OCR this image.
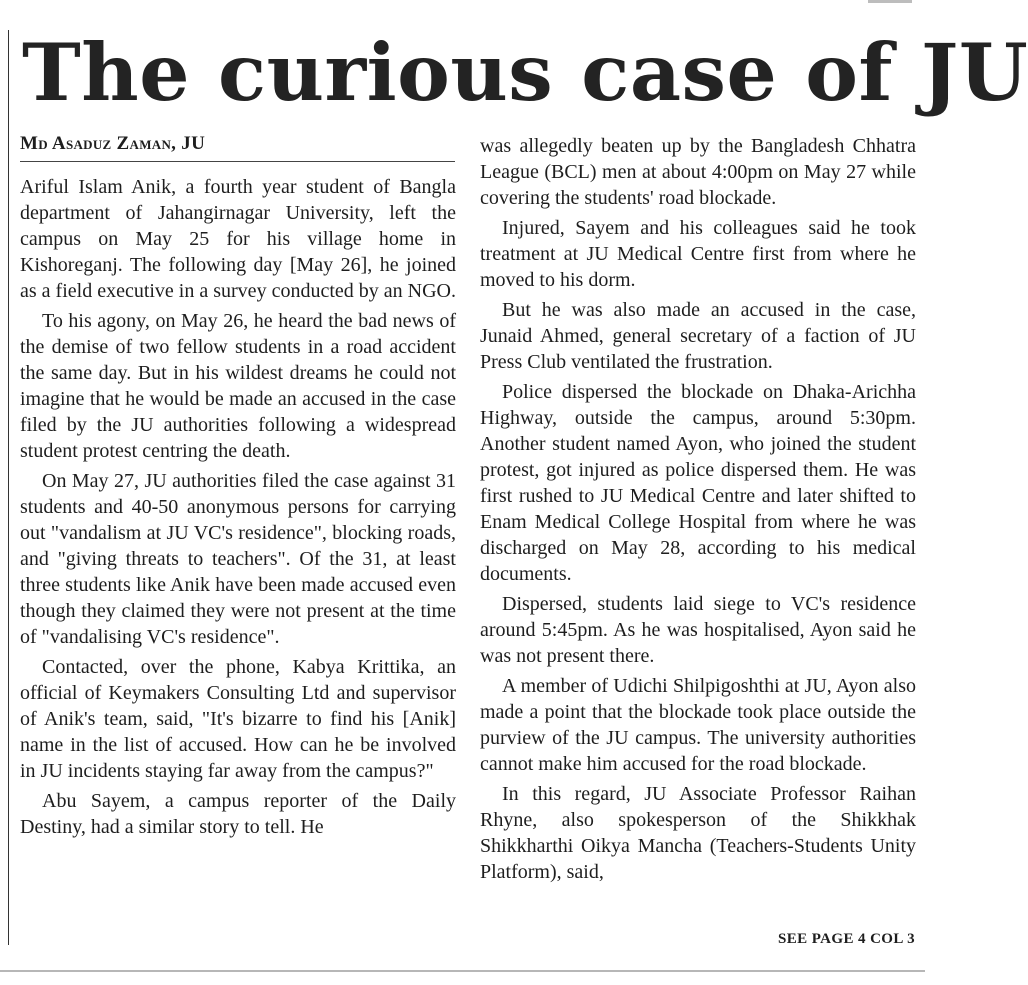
The curious case of JU
Md Asaduz Zaman, JU

Ariful Islam Anik, a fourth year student of Bangla department of Jahangirnagar University, left the campus on May 25 for his village home in Kishoreganj. The following day [May 26], he joined as a field executive in a survey conducted by an NGO.

To his agony, on May 26, he heard the bad news of the demise of two fellow students in a road accident the same day. But in his wildest dreams he could not imagine that he would be made an accused in the case filed by the JU authorities following a widespread student protest centring the death.

On May 27, JU authorities filed the case against 31 students and 40-50 anonymous persons for carrying out "vandalism at JU VC's residence", blocking roads, and "giving threats to teachers". Of the 31, at least three students like Anik have been made accused even though they claimed they were not present at the time of "vandalising VC's residence".

Contacted, over the phone, Kabya Krittika, an official of Keymakers Consulting Ltd and supervisor of Anik's team, said, "It's bizarre to find his [Anik] name in the list of accused. How can he be involved in JU incidents staying far away from the campus?"

Abu Sayem, a campus reporter of the Daily Destiny, had a similar story to tell. He

was allegedly beaten up by the Bangladesh Chhatra League (BCL) men at about 4:00pm on May 27 while covering the students' road blockade.

Injured, Sayem and his colleagues said he took treatment at JU Medical Centre first from where he moved to his dorm.

But he was also made an accused in the case, Junaid Ahmed, general secretary of a faction of JU Press Club ventilated the frustration.

Police dispersed the blockade on Dhaka-Arichha Highway, outside the campus, around 5:30pm. Another student named Ayon, who joined the student protest, got injured as police dispersed them. He was first rushed to JU Medical Centre and later shifted to Enam Medical College Hospital from where he was discharged on May 28, according to his medical documents.

Dispersed, students laid siege to VC's residence around 5:45pm. As he was hospitalised, Ayon said he was not present there.

A member of Udichi Shilpigoshthi at JU, Ayon also made a point that the blockade took place outside the purview of the JU campus. The university authorities cannot make him accused for the road blockade.

In this regard, JU Associate Professor Raihan Rhyne, also spokesperson of the Shikkhak Shikkharthi Oikya Mancha (Teachers-Students Unity Platform), said,

SEE PAGE 4 COL 3
